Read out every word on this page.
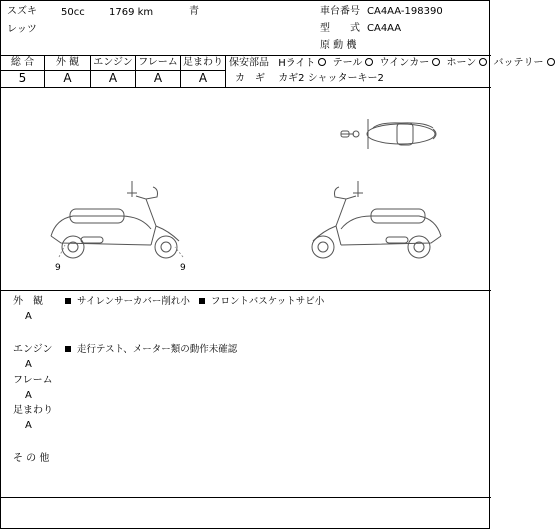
スズキ 50cc 1769 km	青
レッツ
車台番号 CA4AA-198390
型　　式 CA4AA
原 動 機
総 合	外 観	エンジン フレーム 足まわり
5	A	A	A	A
保安部品 Hライト テール ウインカー ホーン バッテリー
カ　ギ カギ2 シャッターキー2
9	9
外　観
A
サイレンサーカバー削れ小 フロントバスケットサビ小
エンジン
A
走行テスト、メーター類の動作未確認
フレーム
A
足まわり
A
そ の 他
